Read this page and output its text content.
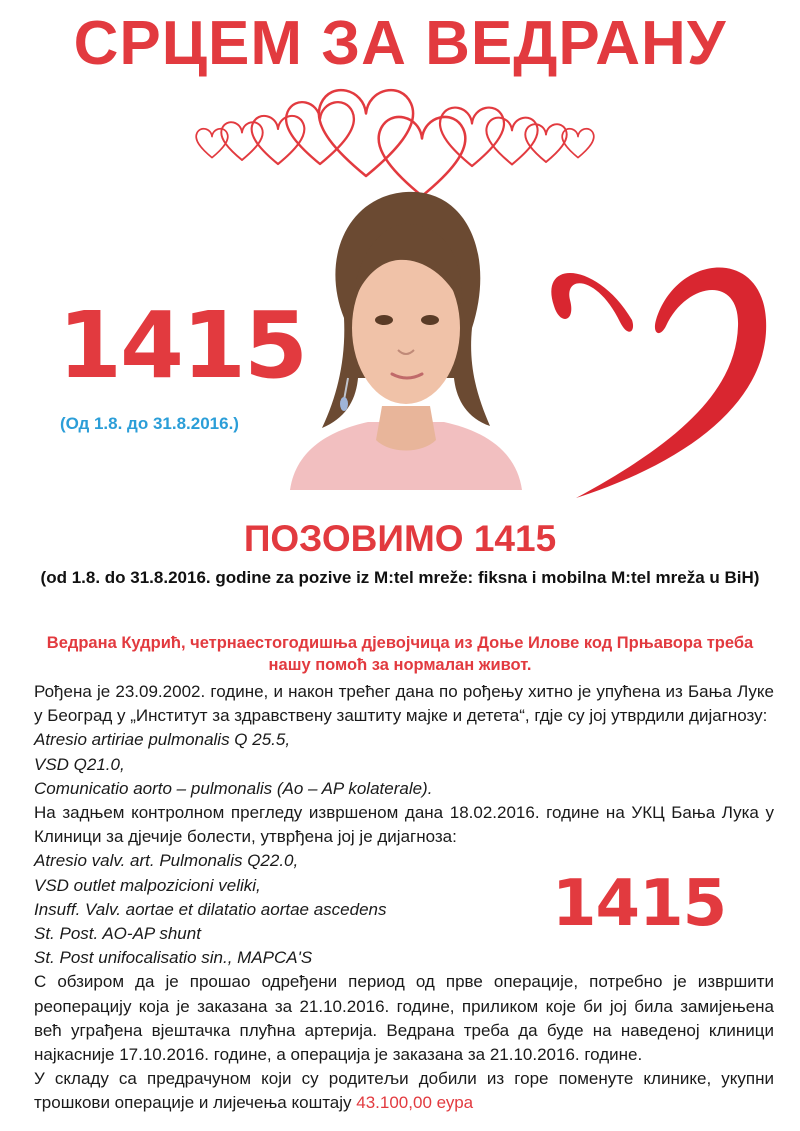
СРЦЕМ ЗА ВЕДРАНУ
1415
(Од 1.8. до 31.8.2016.)
ПОЗОВИМО 1415
(od 1.8. do 31.8.2016. godine za pozive iz M:tel mreže: fiksna i mobilna M:tel mreža u BiH)
Ведрана Кудрић, четрнаестогодишња дјевојчица из Доње Илове код Прњавора треба нашу помоћ за нормалан живот.

Рођена је 23.09.2002. године, и након трећег дана по рођењу хитно је упућена из Бања Луке у Београд у „Институт за здравствену заштиту мајке и детета“, гдје су јој утврдили дијагнозу:

Atresio artiriae pulmonalis Q 25.5,

VSD Q21.0,

Comunicatio aorto – pulmonalis (Ao – AP kolaterale).

На задњем контролном прегледу извршеном дана 18.02.2016. године на УКЦ Бања Лука у Клиници за дјечије болести, утврђена јој је дијагноза:

Atresio valv. art. Pulmonalis Q22.0,

VSD outlet malpozicioni veliki,

Insuff. Valv. aortae et dilatatio aortae ascedens

St. Post. AO-AP shunt

St. Post unifocalisatio sin., MAPCA'S

С обзиром да је прошао одређени период од прве операције, потребно је извршити реоперацију која је заказана за 21.10.2016. године, приликом које би јој била замијењена већ уграђена вјештачка плућна артерија. Ведрана треба да буде на наведеној клиници најкасније 17.10.2016. године, а операција је заказана за 21.10.2016. године.

У складу са предрачуном који су родитељи добили из горе поменуте клинике, укупни трошкови операције и лијечења коштају 43.100,00 еура

1415
